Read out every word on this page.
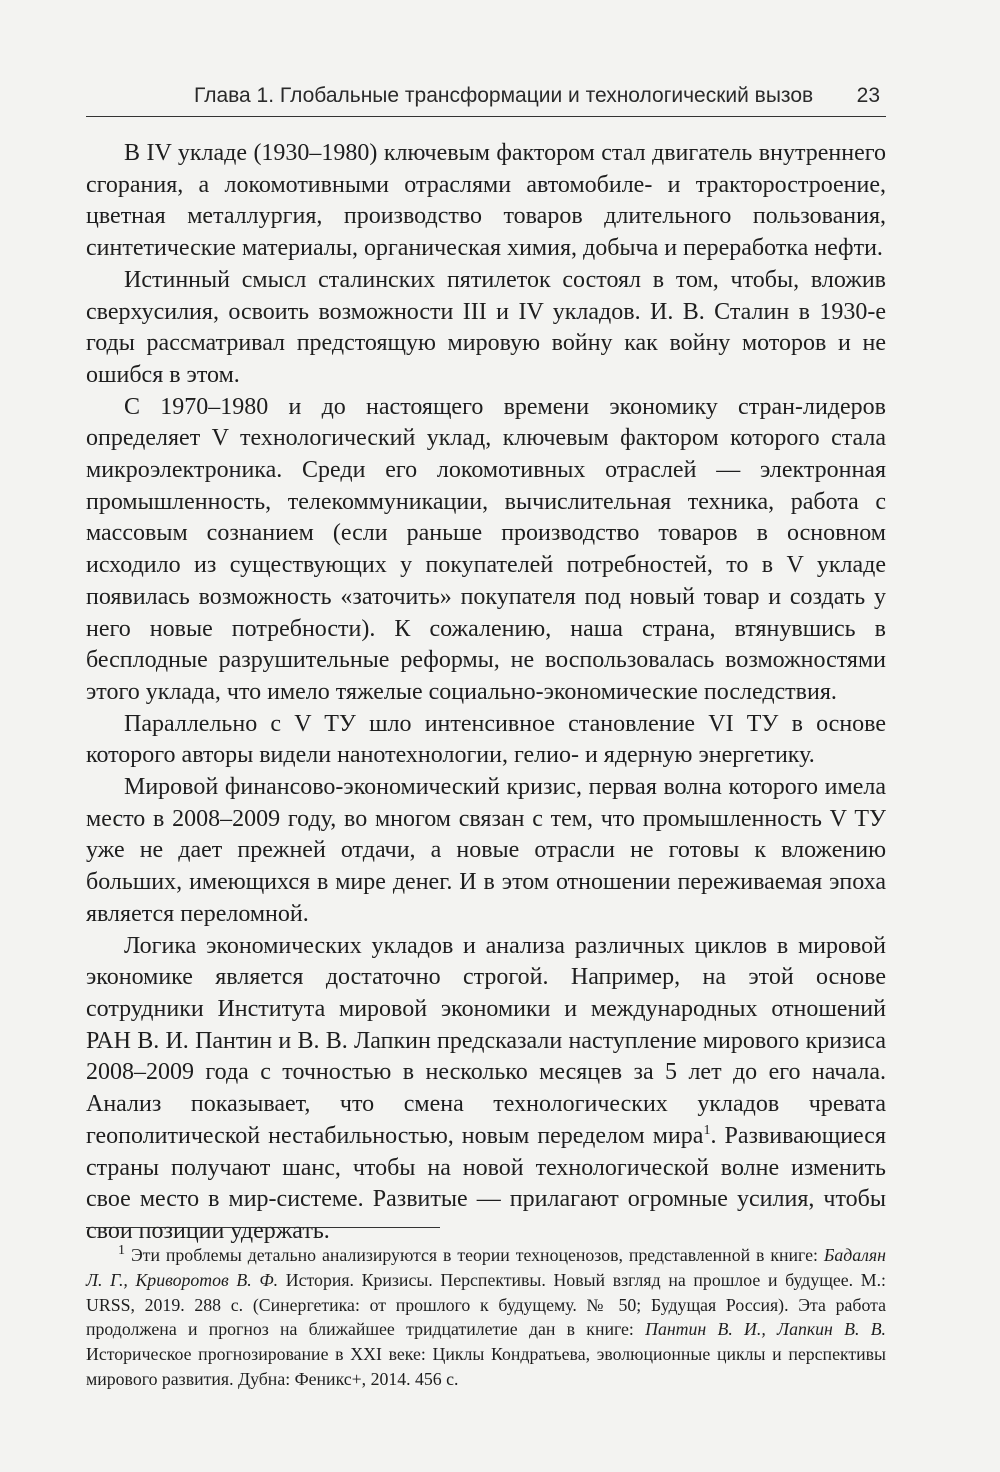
Глава 1. Глобальные трансформации и технологический вызов 23

В IV укладе (1930–1980) ключевым фактором стал двигатель внутреннего сгорания, а локомотивными отраслями автомобиле- и тракторостроение, цветная металлургия, производство товаров длительного пользования, синтетические материалы, органическая химия, добыча и переработка нефти.

Истинный смысл сталинских пятилеток состоял в том, чтобы, вложив сверхусилия, освоить возможности III и IV укладов. И. В. Сталин в 1930-е годы рассматривал предстоящую мировую войну как войну моторов и не ошибся в этом.

С 1970–1980 и до настоящего времени экономику стран-лидеров определяет V технологический уклад, ключевым фактором которого стала микроэлектроника. Среди его локомотивных отраслей — электронная промышленность, телекоммуникации, вычислительная техника, работа с массовым сознанием (если раньше производство товаров в основном исходило из существующих у покупателей потребностей, то в V укладе появилась возможность «заточить» покупателя под новый товар и создать у него новые потребности). К сожалению, наша страна, втянувшись в бесплодные разрушительные реформы, не воспользовалась возможностями этого уклада, что имело тяжелые социально-экономические последствия.

Параллельно с V ТУ шло интенсивное становление VI ТУ в основе которого авторы видели нанотехнологии, гелио- и ядерную энергетику.

Мировой финансово-экономический кризис, первая волна которого имела место в 2008–2009 году, во многом связан с тем, что промышленность V ТУ уже не дает прежней отдачи, а новые отрасли не готовы к вложению больших, имеющихся в мире денег. И в этом отношении переживаемая эпоха является переломной.

Логика экономических укладов и анализа различных циклов в мировой экономике является достаточно строгой. Например, на этой основе сотрудники Института мировой экономики и международных отношений РАН В. И. Пантин и В. В. Лапкин предсказали наступление мирового кризиса 2008–2009 года с точностью в несколько месяцев за 5 лет до его начала. Анализ показывает, что смена технологических укладов чревата геополитической нестабильностью, новым переделом мира$^1$. Развивающиеся страны получают шанс, чтобы на новой технологической волне изменить свое место в мир-системе. Развитые — прилагают огромные усилия, чтобы свои позиции удержать.

$^1$ Эти проблемы детально анализируются в теории техноценозов, представленной в книге: Бадалян Л. Г., Криворотов В. Ф. История. Кризисы. Перспективы. Новый взгляд на прошлое и будущее. М.: URSS, 2019. 288 с. (Синергетика: от прошлого к будущему. № 50; Будущая Россия). Эта работа продолжена и прогноз на ближайшее тридцатилетие дан в книге: Пантин В. И., Лапкин В. В. Историческое прогнозирование в XXI веке: Циклы Кондратьева, эволюционные циклы и перспективы мирового развития. Дубна: Феникс+, 2014. 456 с.
